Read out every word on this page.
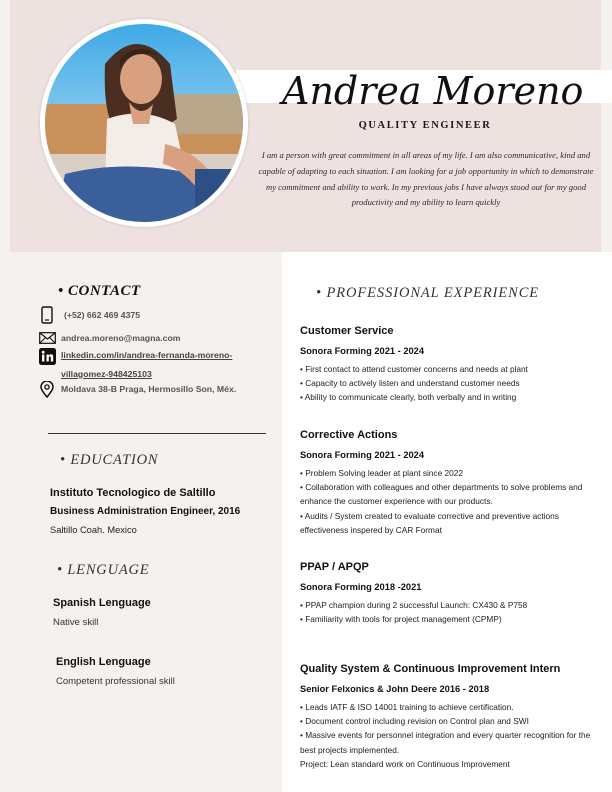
Andrea Moreno
QUALITY ENGINEER
I am a person with great commitment in all areas of my life. I am also communicative, kind and capable of adapting to each situation. I am looking for a job opportunity in which to demonstrate my commitment and ability to work. In my previous jobs I have always stood out for my good productivity and my ability to learn quickly
• CONTACT
(+52) 662 469 4375
andrea.moreno@magna.com
linkedin.com/in/andrea-fernanda-moreno-
villagomez-948425103
Moldava 38-B Praga, Hermosillo Son, Méx.
• EDUCATION
Instituto Tecnologico de Saltillo
Business Administration Engineer, 2016
Saltillo Coah. Mexico
• LENGUAGE
Spanish Lenguage
Native skill
English Lenguage
Competent professional skill
• PROFESSIONAL EXPERIENCE
Customer Service
Sonora Forming 2021 - 2024
• First contact to attend customer concerns and needs at plant
• Capacity to actively listen and understand customer needs
• Ability to communicate clearly, both verbally and in writing
Corrective Actions
Sonora Forming 2021 - 2024
• Problem Solving leader at plant since 2022
• Collaboration with colleagues and other departments to solve problems and enhance the customer experience with our products.
• Audits / System created to evaluate corrective and preventive actions effectiveness inspered by CAR Format
PPAP / APQP
Sonora Forming 2018 -2021
• PPAP champion during 2 successful Launch: CX430 & P758
• Familiarity with tools for project management (CPMP)
Quality System & Continuous Improvement Intern
Senior Felxonics & John Deere 2016 - 2018
• Leads IATF & ISO 14001 training to achieve certification.
• Document control including revision on Control plan and SWI
• Massive events for personnel integration and every quarter recognition for the best projects implemented.
Project: Lean standard work on Continuous Improvement
